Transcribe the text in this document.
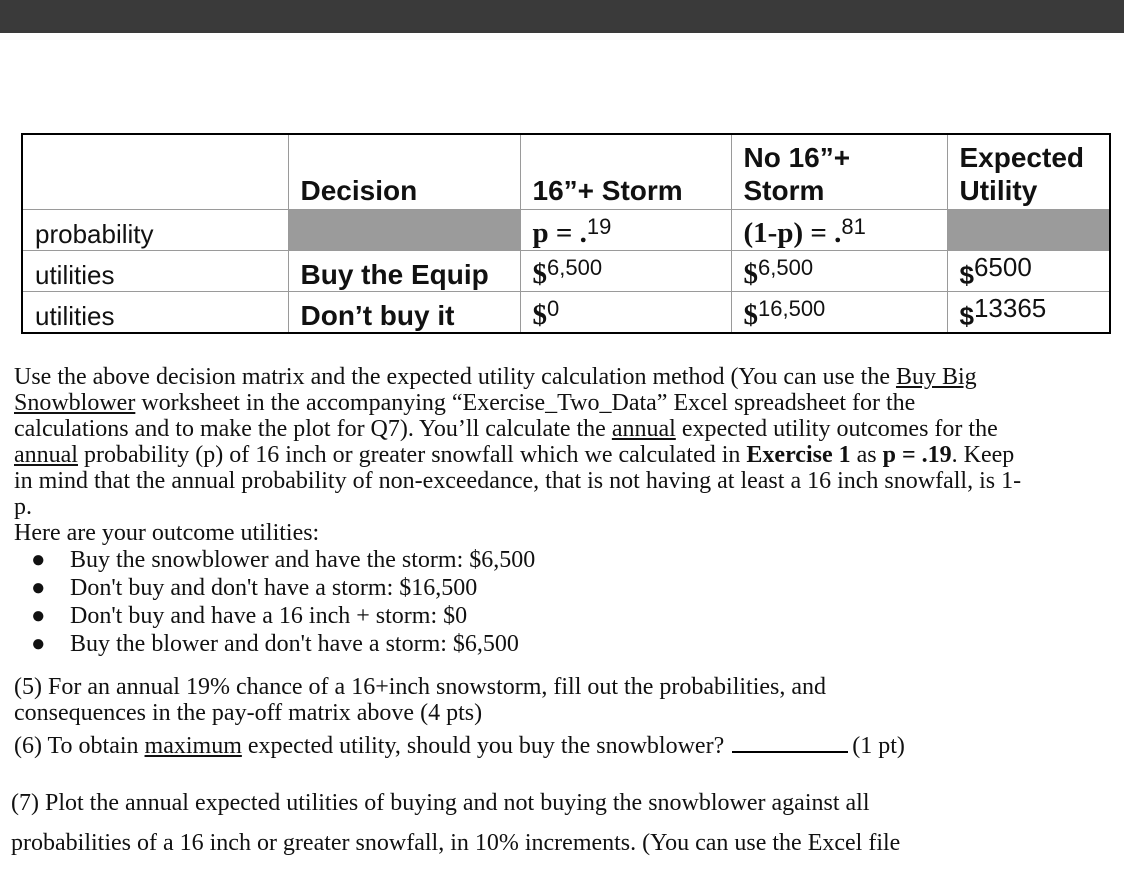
	Decision	16”+ Storm	No 16”+ Storm	Expected Utility
probability		p = .$^{19}$	(1-p) = .$^{81}$	
utilities	Buy the Equip	\$$^{6,500}$	\$$^{6,500}$	$6500
utilities	Don’t buy it	\$$^0$	\$$^{16,500}$	$13365
Use the above decision matrix and the expected utility calculation method (You can use the Buy Big Snowblower worksheet in the accompanying “Exercise_Two_Data” Excel spreadsheet for the calculations and to make the plot for Q7). You’ll calculate the annual expected utility outcomes for the annual probability (p) of 16 inch or greater snowfall which we calculated in Exercise 1 as p = .19. Keep in mind that the annual probability of non-exceedance, that is not having at least a 16 inch snowfall, is 1-p.
Here are your outcome utilities:
● Buy the snowblower and have the storm: $6,500
● Don't buy and don't have a storm: $16,500
● Don't buy and have a 16 inch + storm: $0
● Buy the blower and don't have a storm: $6,500
(5) For an annual 19% chance of a 16+inch snowstorm, fill out the probabilities, and consequences in the pay-off matrix above (4 pts)
(6) To obtain maximum expected utility, should you buy the snowblower?	(1 pt)
(7) Plot the annual expected utilities of buying and not buying the snowblower against all
probabilities of a 16 inch or greater snowfall, in 10% increments. (You can use the Excel file
